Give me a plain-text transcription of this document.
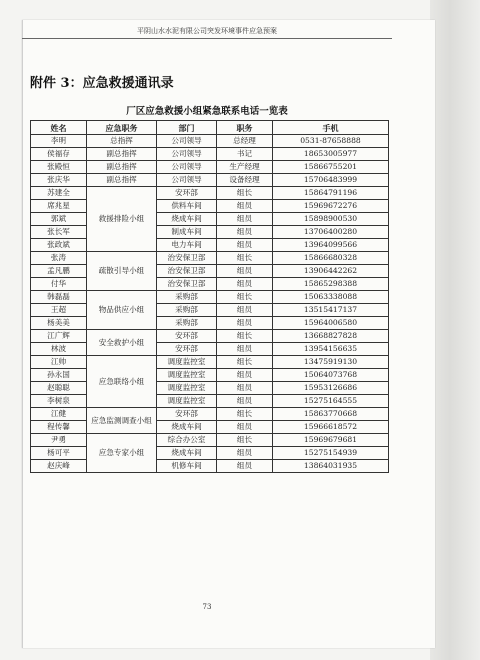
平阴山水水泥有限公司突发环境事件应急预案
附件 3：应急救援通讯录
厂区应急救援小组紧急联系电话一览表
姓名	应急职务	部门	职务	手机
李明	总指挥	公司领导	总经理	0531-87658888
侯福存	副总指挥	公司领导	书记	18653005977
张殿恒	副总指挥	公司领导	生产经理	15866755201
张庆华	副总指挥	公司领导	设备经理	15706483999
苏建全	救援排险小组	安环部	组长	15864791196
席兆星		供料车间	组员	15969672276
郭斌		烧成车间	组员	15898900530
张长军		制成车间	组员	13706400280
张政斌		电力车间	组员	13964099566
张涛	疏散引导小组	治安保卫部	组长	15866680328
孟凡鹏		治安保卫部	组员	13906442262
付华		治安保卫部	组员	15865298388
韩磊磊	物品供应小组	采购部	组长	15063338088
王超		采购部	组员	13515417137
杨美美		采购部	组员	15964006580
江广辉	安全救护小组	安环部	组长	13668827828
林波		安环部	组员	13954156635
江帅	应急联络小组	调度监控室	组长	13475919130
孙永国		调度监控室	组员	15064073768
赵聪聪		调度监控室	组员	15953126686
李树泉		调度监控室	组员	15275164555
江健	应急监测调查小组	安环部	组长	15863770668
程传馨		烧成车间	组员	15966618572
尹勇	应急专家小组	综合办公室	组长	15969679681
杨可平		烧成车间	组员	15275154939
赵庆峰		机修车间	组员	13864031935
73
